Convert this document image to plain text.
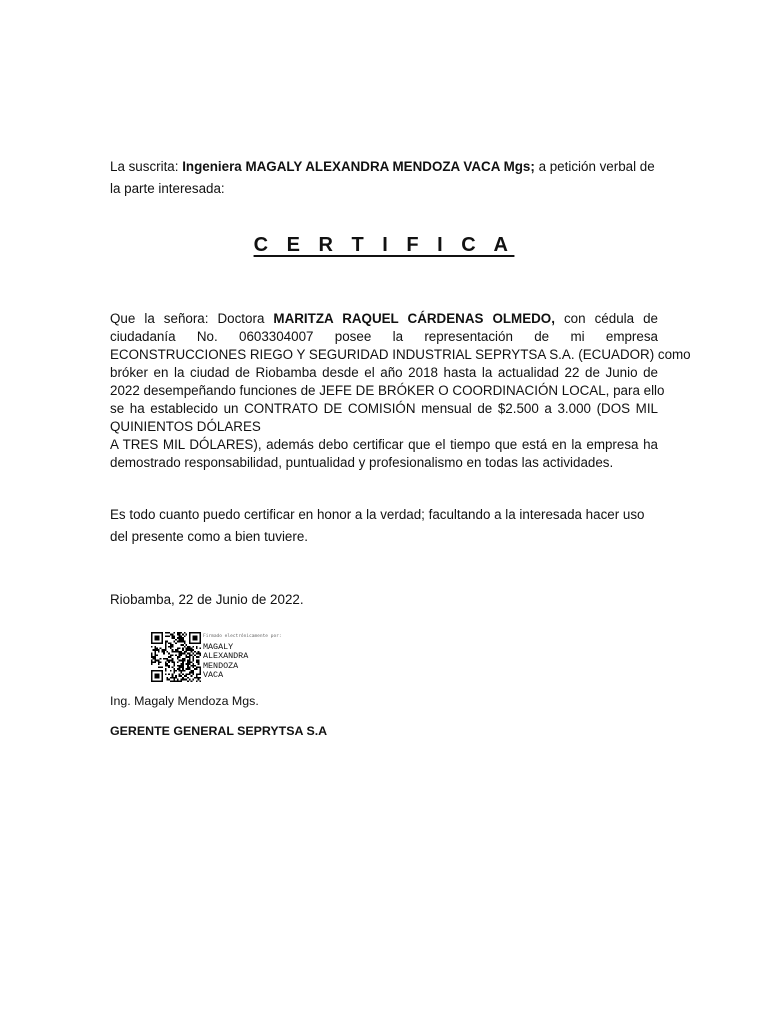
La suscrita: Ingeniera MAGALY ALEXANDRA MENDOZA VACA Mgs; a petición verbal de la parte interesada:
C E R T I F I C A
Que la señora: Doctora MARITZA RAQUEL CÁRDENAS OLMEDO, con cédula de
ciudadanía No. 0603304007 posee la representación de mi empresa
ECONSTRUCCIONES RIEGO Y SEGURIDAD INDUSTRIAL SEPRYTSA S.A. (ECUADOR) como
bróker en la ciudad de Riobamba desde el año 2018 hasta la actualidad 22 de Junio de
2022 desempeñando funciones de JEFE DE BRÓKER O COORDINACIÓN LOCAL, para ello
se ha establecido un CONTRATO DE COMISIÓN mensual de $2.500 a 3.000 (DOS MIL
QUINIENTOS DÓLARES
A TRES MIL DÓLARES), además debo certificar que el tiempo que está en la empresa ha
demostrado responsabilidad, puntualidad y profesionalismo en todas las actividades.
Es todo cuanto puedo certificar en honor a la verdad; facultando a la interesada hacer uso del presente como a bien tuviere.
Riobamba, 22 de Junio de 2022.
Firmado electrónicamente por:
MAGALY
ALEXANDRA
MENDOZA
VACA
Ing. Magaly Mendoza Mgs.
GERENTE GENERAL SEPRYTSA S.A
